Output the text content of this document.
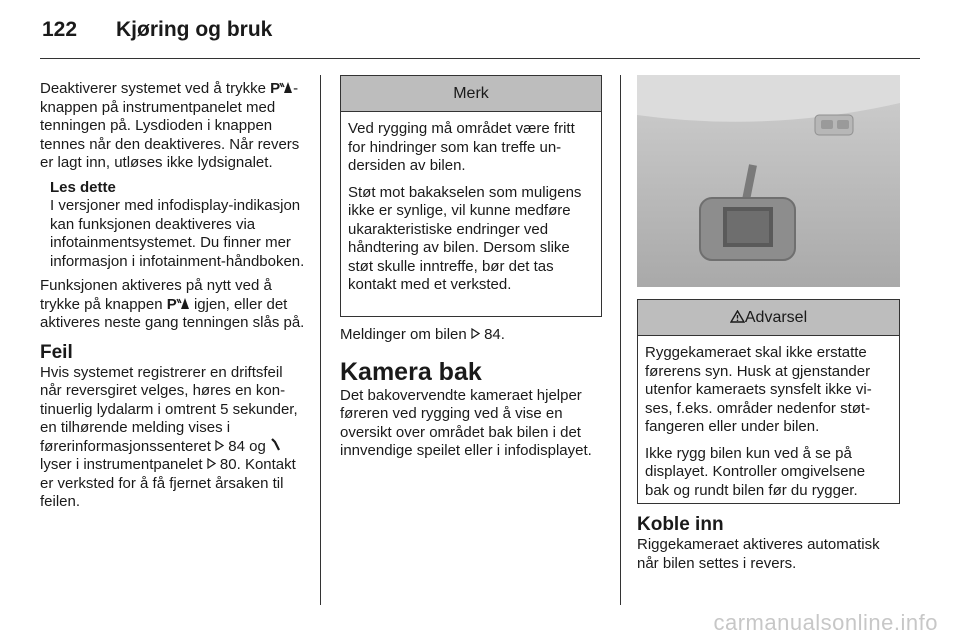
122 Kjøring og bruk

Deaktiverer systemet ved å trykke P -knappen på instrumentpanelet med tenningen på. Lysdioden i knappen tennes når den deaktiveres. Når revers er lagt inn, utløses ikke lydsignalet.

Les dette

I versjoner med infodisplay-indikasjon kan funksjonen deaktiveres via infotainmentsystemet. Du finner mer informasjon i infotainment-håndboken.

Funksjonen aktiveres på nytt ved å trykke på knappen P igjen, eller det aktiveres neste gang tenningen slås på.

Feil

Hvis systemet registrerer en driftsfeil når reversgiret velges, høres en kontinuerlig lydalarm i omtrent 5 sekunder, en tilhørende melding vises i førerinformasjonssenteret 84 og  lyser i instrumentpanelet 80. Kontakt er verksted for å få fjernet årsaken til feilen.

Merk

Ved rygging må området være fritt for hindringer som kan treffe undersiden av bilen.

Støt mot bakakselen som muligens ikke er synlige, vil kunne medføre ukarakteristiske endringer ved håndtering av bilen. Dersom slike støt skulle inntreffe, bør det tas kontakt med et verksted.

Meldinger om bilen 84.

Kamera bak

Det bakovervendte kameraet hjelper føreren ved rygging ved å vise en oversikt over området bak bilen i det innvendige speilet eller i infodisplayet.

Advarsel

Ryggekameraet skal ikke erstatte førerens syn. Husk at gjenstander utenfor kameraets synsfelt ikke vises, f.eks. områder nedenfor støtfangeren eller under bilen.

Ikke rygg bilen kun ved å se på displayet. Kontroller omgivelsene bak og rundt bilen før du rygger.

Koble inn

Riggekameraet aktiveres automatisk når bilen settes i revers.

carmanualsonline.info
